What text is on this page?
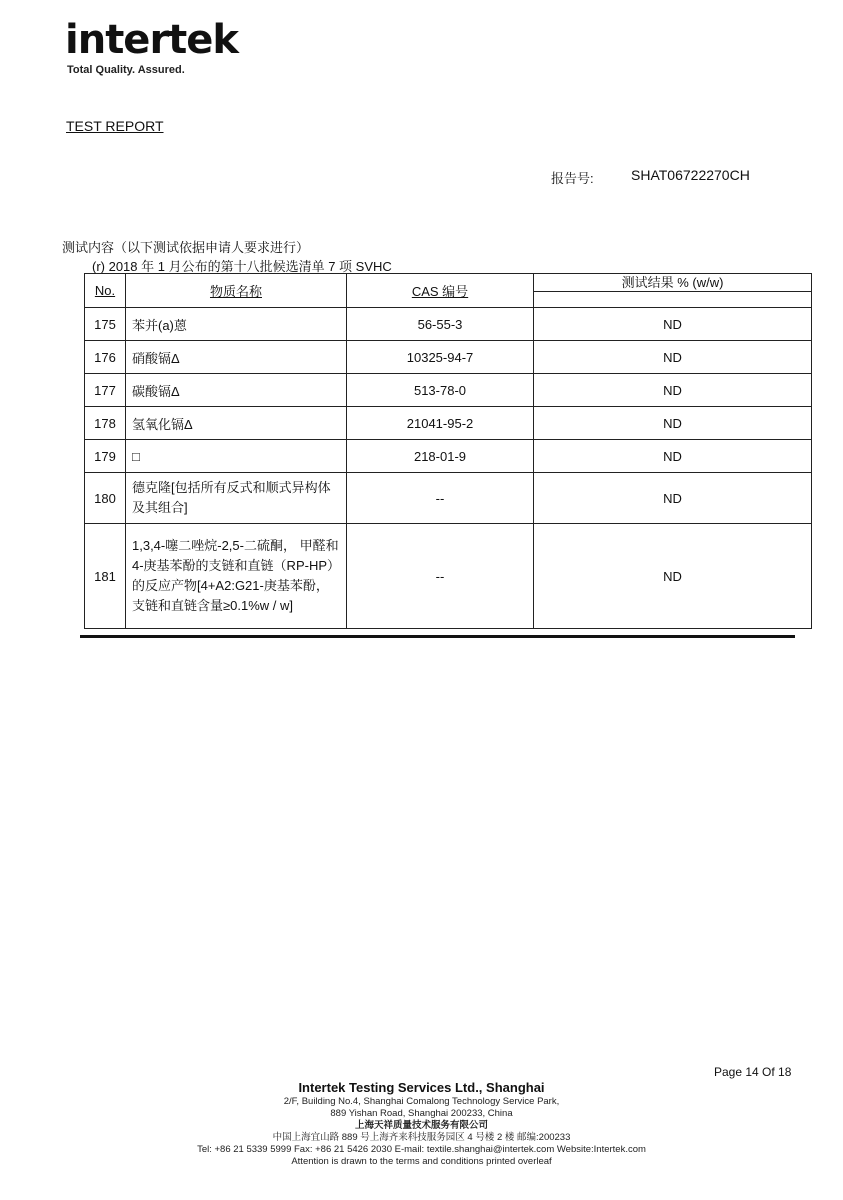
intertek
Total Quality. Assured.
TEST REPORT
报告号:	SHAT06722270CH
测试内容（以下测试依据申请人要求进行）
(r) 2018 年 1 月公布的第十八批候选清单 7 项 SVHC
No.	物质名称	CAS 编号	测试结果 % (w/w)

175	苯并(a)蒽	56-55-3	ND
176	硝酸镉Δ	10325-94-7	ND
177	碳酸镉Δ	513-78-0	ND
178	氢氧化镉Δ	21041-95-2	ND
179	□	218-01-9	ND
180	德克隆[包括所有反式和顺式异构体及其组合]	--	ND
181	1,3,4-噻二唑烷-2,5-二硫酮， 甲醛和 4-庚基苯酚的支链和直链（RP-HP）的反应产物[4+A2:G21-庚基苯酚， 支链和直链含量≥0.1%w / w]	--	ND
Page 14 Of 18
Intertek Testing Services Ltd., Shanghai
2/F, Building No.4, Shanghai Comalong Technology Service Park,
889 Yishan Road, Shanghai 200233, China
上海天祥质量技术服务有限公司
中国上海宜山路 889 号上海齐来科技服务园区 4 号楼 2 楼 邮编:200233
Tel: +86 21 5339 5999 Fax: +86 21 5426 2030 E-mail: textile.shanghai@intertek.com Website:Intertek.com
Attention is drawn to the terms and conditions printed overleaf
